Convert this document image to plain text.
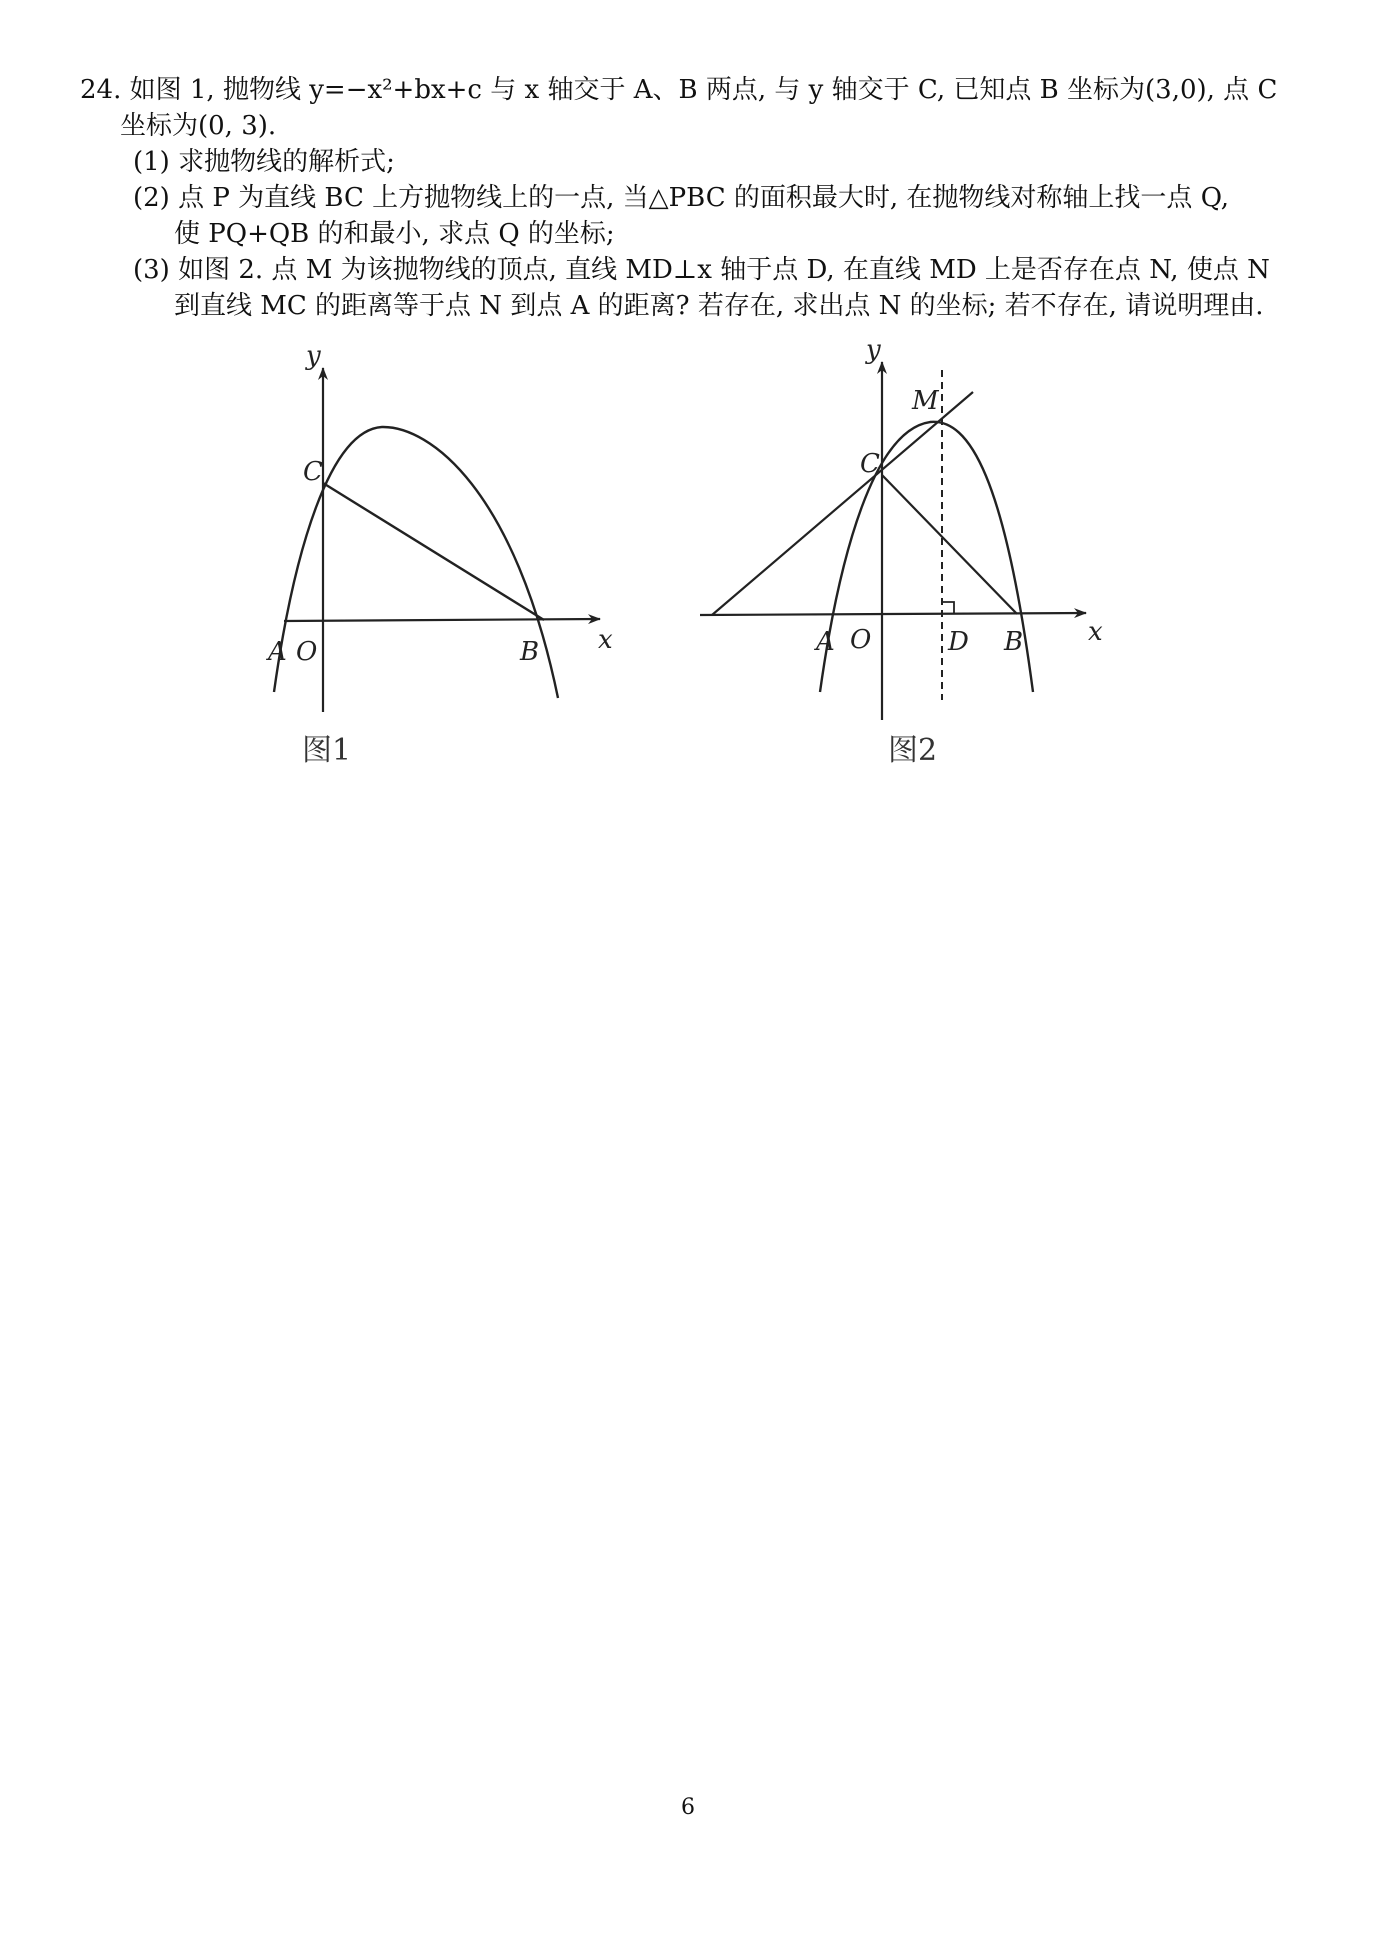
24. 如图 1, 抛物线 y=−x²+bx+c 与 x 轴交于 A、B 两点, 与 y 轴交于 C, 已知点 B 坐标为(3,0), 点 C
坐标为(0, 3).
(1) 求抛物线的解析式;
(2) 点 P 为直线 BC 上方抛物线上的一点, 当△PBC 的面积最大时, 在抛物线对称轴上找一点 Q,
使 PQ+QB 的和最小, 求点 Q 的坐标;
(3) 如图 2. 点 M 为该抛物线的顶点, 直线 MD⊥x 轴于点 D, 在直线 MD 上是否存在点 N, 使点 N
到直线 MC 的距离等于点 N 到点 A 的距离? 若存在, 求出点 N 的坐标; 若不存在, 请说明理由.
y
x
C
A O	B
图1
y
x
M
C
A O	D B
图2
6
